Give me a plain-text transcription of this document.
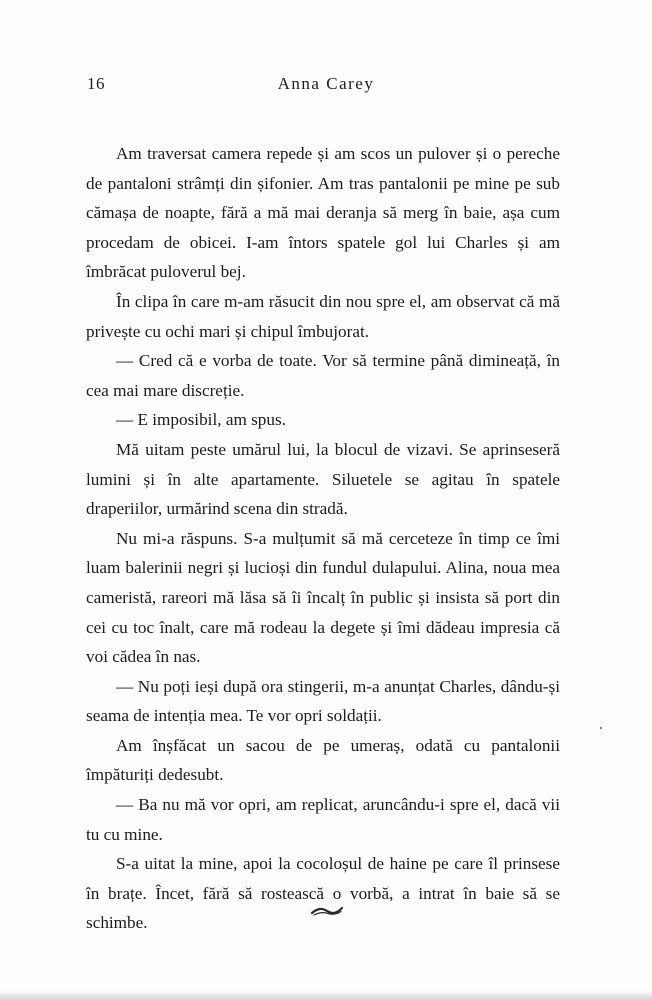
16	Anna Carey

Am traversat camera repede și am scos un pulover și o pereche de pantaloni strâmți din șifonier. Am tras pantalonii pe mine pe sub cămașa de noapte, fără a mă mai deranja să merg în baie, așa cum procedam de obicei. I-am întors spatele gol lui Charles și am îmbrăcat puloverul bej.

În clipa în care m-am răsucit din nou spre el, am observat că mă privește cu ochi mari și chipul îmbujorat.

— Cred că e vorba de toate. Vor să termine până dimineață, în cea mai mare discreție.

— E imposibil, am spus.

Mă uitam peste umărul lui, la blocul de vizavi. Se aprinseseră lumini și în alte apartamente. Siluetele se agitau în spatele draperiilor, urmărind scena din stradă.

Nu mi-a răspuns. S-a mulțumit să mă cerceteze în timp ce îmi luam balerinii negri și lucioși din fundul dulapului. Alina, noua mea cameristă, rareori mă lăsa să îi încalț în public și insista să port din cei cu toc înalt, care mă rodeau la degete și îmi dădeau impresia că voi cădea în nas.

— Nu poți ieși după ora stingerii, m-a anunțat Charles, dându-și seama de intenția mea. Te vor opri soldații.

Am înșfăcat un sacou de pe umeraș, odată cu pantalonii împăturiți dedesubt.

— Ba nu mă vor opri, am replicat, aruncându-i spre el, dacă vii tu cu mine.

S-a uitat la mine, apoi la cocoloșul de haine pe care îl prinsese în brațe. Încet, fără să rostească o vorbă, a intrat în baie să se schimbe.
